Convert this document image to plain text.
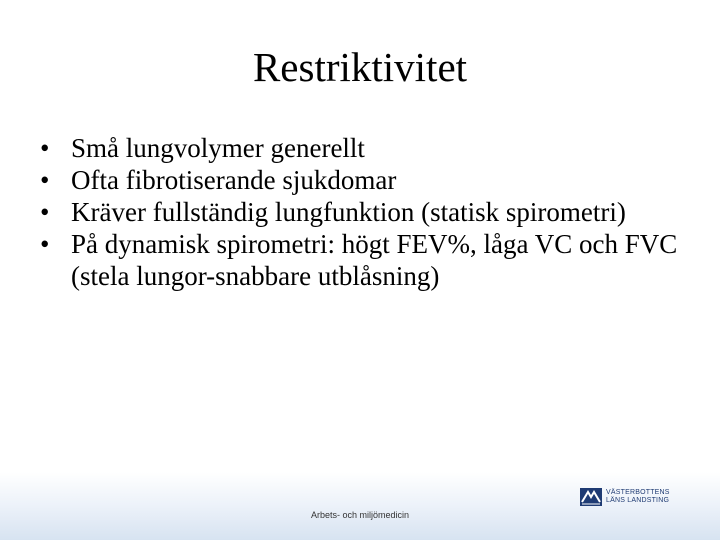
Restriktivitet
• Små lungvolymer generellt
• Ofta fibrotiserande sjukdomar
• Kräver fullständig lungfunktion (statisk spirometri)
• På dynamisk spirometri: högt FEV%, låga VC och FVC (stela lungor-snabbare utblåsning)
Arbets- och miljömedicin
VÄSTERBOTTENS
LÄNS LANDSTING
